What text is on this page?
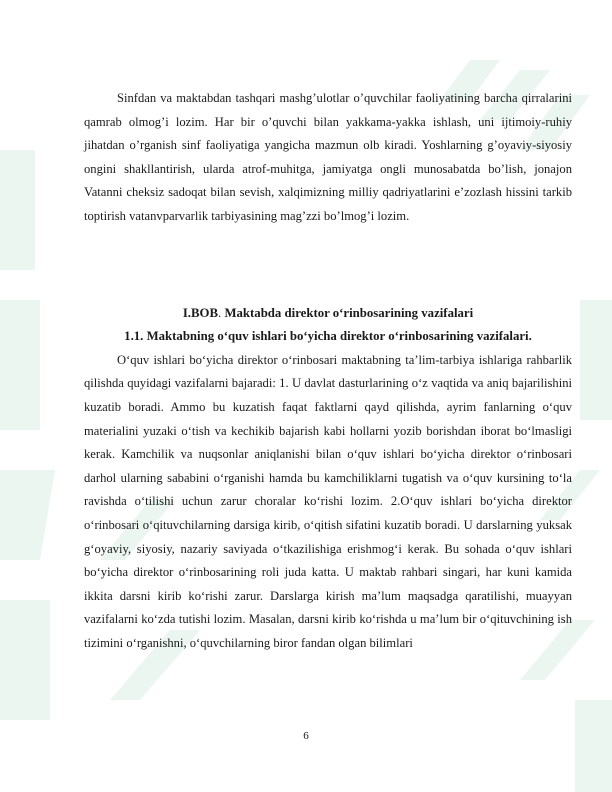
Sinfdan va maktabdan tashqari mashg’ulotlar o’quvchilar faoliyatining barcha qirralarini qamrab olmog’i lozim. Har bir o’quvchi bilan yakkama-yakka ishlash, uni ijtimoiy-ruhiy jihatdan o’rganish sinf faoliyatiga yangicha mazmun olb kiradi. Yoshlarning g’oyaviy-siyosiy ongini shakllantirish, ularda atrof-muhitga, jamiyatga ongli munosabatda bo’lish, jonajon Vatanni cheksiz sadoqat bilan sevish, xalqimizning milliy qadriyatlarini e’zozlash hissini tarkib toptirish vatanvparvarlik tarbiyasining mag’zzi bo’lmog’i lozim.

I.BOB. Maktabda direktor o‘rinbosarining vazifalari

1.1. Maktabning o‘quv ishlari bo‘yicha direktor o‘rinbosarining vazifalari.

O‘quv ishlari bo‘yicha direktor o‘rinbosari maktabning ta’lim-tarbiya ishlariga rahbarlik qilishda quyidagi vazifalarni bajaradi: 1. U davlat dasturlarining o‘z vaqtida va aniq bajarilishini kuzatib boradi. Ammo bu kuzatish faqat faktlarni qayd qilishda, ayrim fanlarning o‘quv materialini yuzaki o‘tish va kechikib bajarish kabi hollarni yozib borishdan iborat bo‘lmasligi kerak. Kamchilik va nuqsonlar aniqlanishi bilan o‘quv ishlari bo‘yicha direktor o‘rinbosari darhol ularning sababini o‘rganishi hamda bu kamchiliklarni tugatish va o‘quv kursining to‘la ravishda o‘tilishi uchun zarur choralar ko‘rishi lozim. 2.O‘quv ishlari bo‘yicha direktor o‘rinbosari o‘qituvchilarning darsiga kirib, o‘qitish sifatini kuzatib boradi. U darslarning yuksak g‘oyaviy, siyosiy, nazariy saviyada o‘tkazilishiga erishmog‘i kerak. Bu sohada o‘quv ishlari bo‘yicha direktor o‘rinbosarining roli juda katta. U maktab rahbari singari, har kuni kamida ikkita darsni kirib ko‘rishi zarur. Darslarga kirish ma’lum maqsadga qaratilishi, muayyan vazifalarni ko‘zda tutishi lozim. Masalan, darsni kirib ko‘rishda u ma’lum bir o‘qituvchining ish tizimini o‘rganishni, o‘quvchilarning biror fandan olgan bilimlari

6
